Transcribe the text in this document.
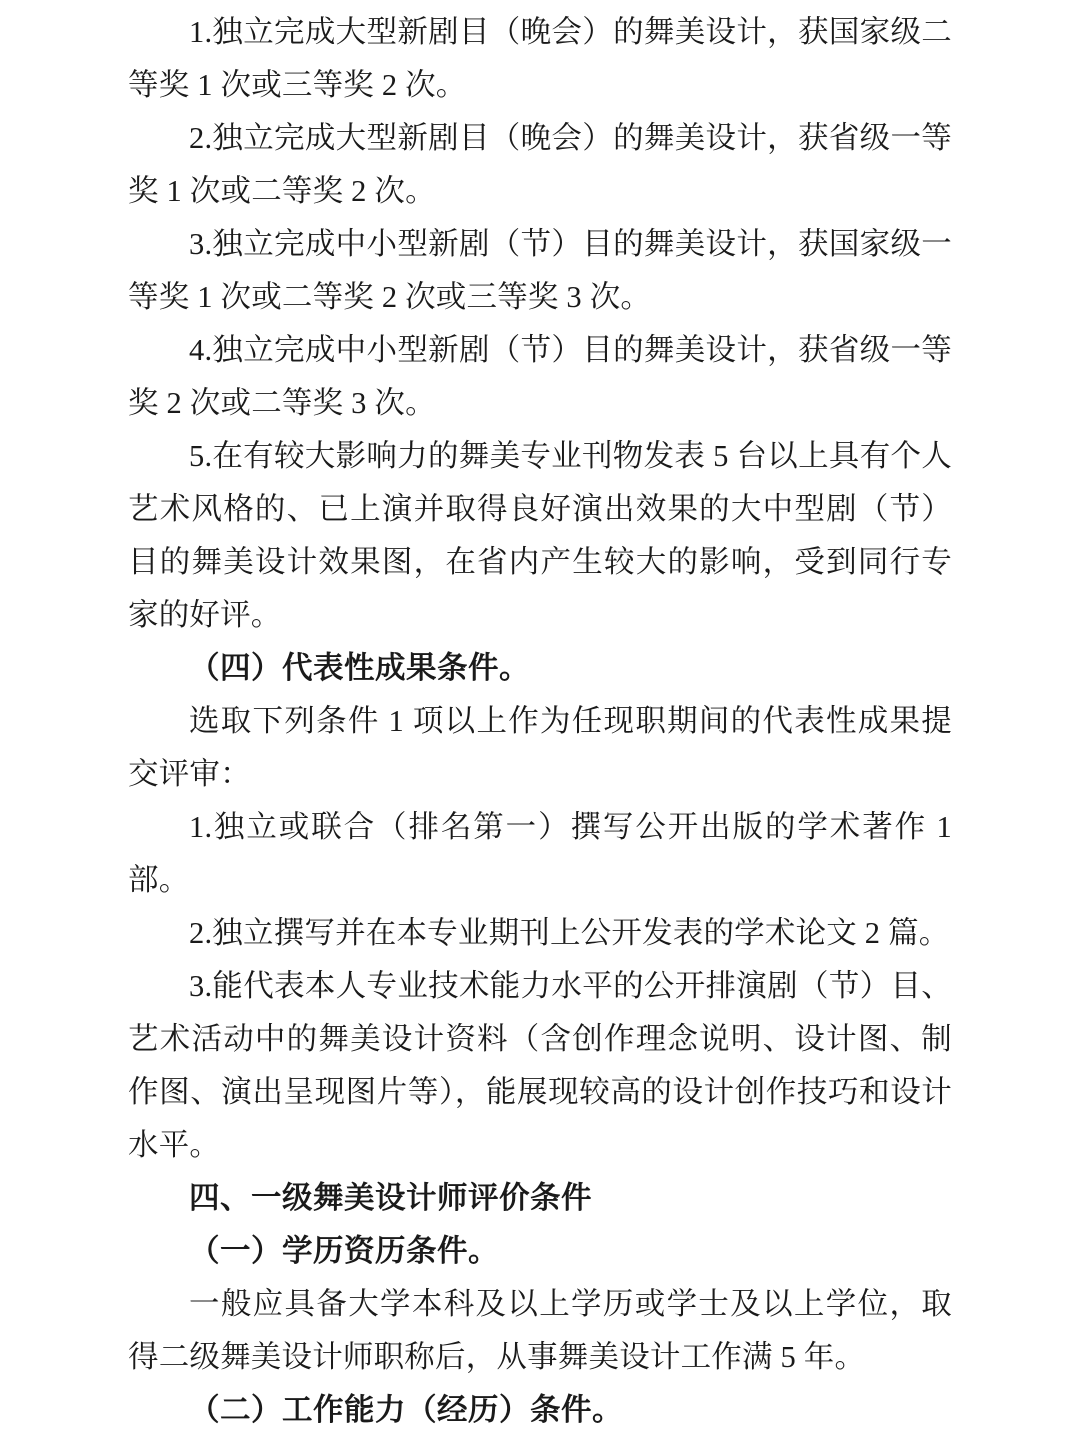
1.独立完成大型新剧目（晚会）的舞美设计，获国家级二等奖 1 次或三等奖 2 次。

2.独立完成大型新剧目（晚会）的舞美设计，获省级一等奖 1 次或二等奖 2 次。

3.独立完成中小型新剧（节）目的舞美设计，获国家级一等奖 1 次或二等奖 2 次或三等奖 3 次。

4.独立完成中小型新剧（节）目的舞美设计，获省级一等奖 2 次或二等奖 3 次。

5.在有较大影响力的舞美专业刊物发表 5 台以上具有个人艺术风格的、已上演并取得良好演出效果的大中型剧（节）目的舞美设计效果图，在省内产生较大的影响，受到同行专家的好评。

（四）代表性成果条件。

选取下列条件 1 项以上作为任现职期间的代表性成果提交评审：

1.独立或联合（排名第一）撰写公开出版的学术著作 1 部。

2.独立撰写并在本专业期刊上公开发表的学术论文 2 篇。

3.能代表本人专业技术能力水平的公开排演剧（节）目、艺术活动中的舞美设计资料（含创作理念说明、设计图、制作图、演出呈现图片等），能展现较高的设计创作技巧和设计水平。

四、一级舞美设计师评价条件
（一）学历资历条件。

一般应具备大学本科及以上学历或学士及以上学位，取得二级舞美设计师职称后，从事舞美设计工作满 5 年。

（二）工作能力（经历）条件。
